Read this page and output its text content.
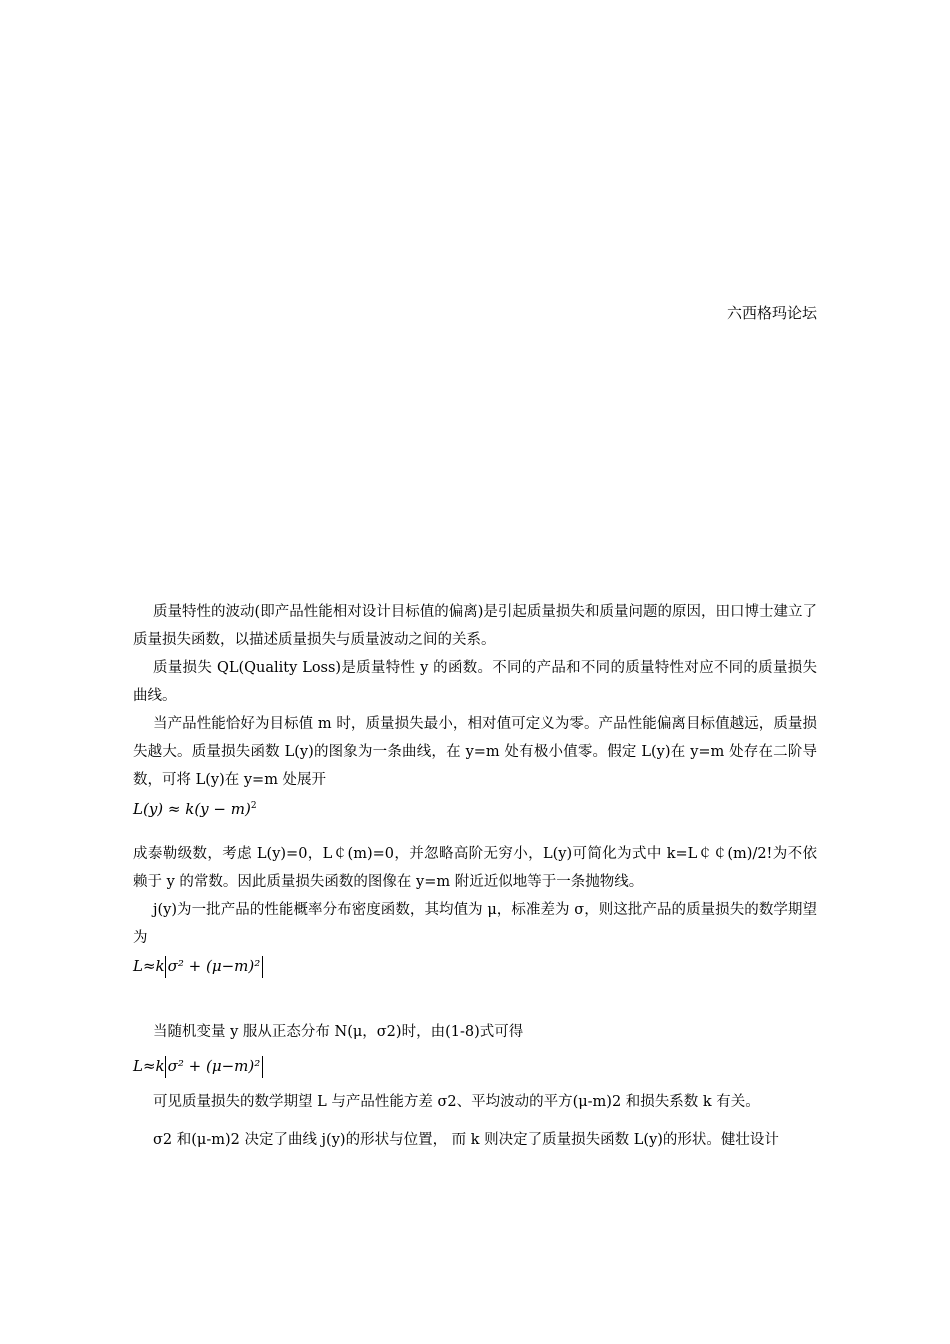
六西格玛论坛

质量特性的波动(即产品性能相对设计目标值的偏离)是引起质量损失和质量问题的原因，田口博士建立了质量损失函数，以描述质量损失与质量波动之间的关系。

质量损失 QL(Quality Loss)是质量特性 y 的函数。不同的产品和不同的质量特性对应不同的质量损失曲线。

当产品性能恰好为目标值 m 时，质量损失最小，相对值可定义为零。产品性能偏离目标值越远，质量损失越大。质量损失函数 L(y)的图象为一条曲线，在 y=m 处有极小值零。假定 L(y)在 y=m 处存在二阶导数，可将 L(y)在 y=m 处展开

$L(y) \approx k(y - m)^2$

成泰勒级数，考虑 L(y)=0，L￠(m)=0，并忽略高阶无穷小，L(y)可简化为式中 k=L￠￠(m)/2!为不依赖于 y 的常数。因此质量损失函数的图像在 y=m 附近近似地等于一条抛物线。

j(y)为一批产品的性能概率分布密度函数，其均值为 μ，标准差为 σ，则这批产品的质量损失的数学期望为

L≈k σ² + (μ−m)²

当随机变量 y 服从正态分布 N(μ，σ2)时，由(1-8)式可得

L≈k σ² + (μ−m)²

可见质量损失的数学期望 L 与产品性能方差 σ2、平均波动的平方(μ-m)2 和损失系数 k 有关。

σ2 和(μ-m)2 决定了曲线 j(y)的形状与位置， 而 k 则决定了质量损失函数 L(y)的形状。健壮设计
